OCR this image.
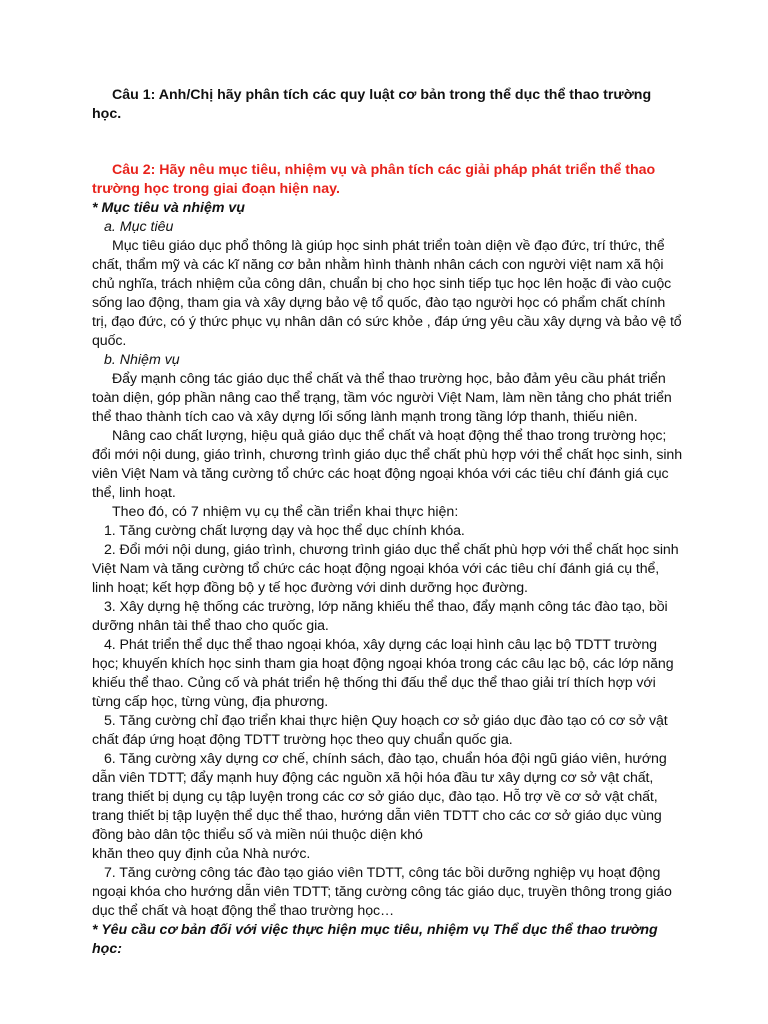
Câu 1: Anh/Chị hãy phân tích các quy luật cơ bản trong thể dục thể thao trường học.

Câu 2: Hãy nêu mục tiêu, nhiệm vụ và phân tích các giải pháp phát triển thể thao trường học trong giai đoạn hiện nay.

* Mục tiêu và nhiệm vụ

a. Mục tiêu

Mục tiêu giáo dục phổ thông là giúp học sinh phát triển toàn diện về đạo đức, trí thức, thể chất, thẩm mỹ và các kĩ năng cơ bản nhằm hình thành nhân cách con người việt nam xã hội chủ nghĩa, trách nhiệm của công dân, chuẩn bị cho học sinh tiếp tục học lên hoặc đi vào cuộc sống lao động, tham gia và xây dựng bảo vệ tổ quốc, đào tạo người học có phẩm chất chính trị, đạo đức, có ý thức phục vụ nhân dân có sức khỏe , đáp ứng yêu cầu xây dựng và bảo vệ tổ quốc.

b. Nhiệm vụ

Đẩy mạnh công tác giáo dục thể chất và thể thao trường học, bảo đảm yêu cầu phát triển toàn diện, góp phần nâng cao thể trạng, tầm vóc người Việt Nam, làm nền tảng cho phát triển thể thao thành tích cao và xây dựng lối sống lành mạnh trong tầng lớp thanh, thiếu niên.

Nâng cao chất lượng, hiệu quả giáo dục thể chất và hoạt động thể thao trong trường học; đổi mới nội dung, giáo trình, chương trình giáo dục thể chất phù hợp với thể chất học sinh, sinh viên Việt Nam và tăng cường tổ chức các hoạt động ngoại khóa với các tiêu chí đánh giá cục thể, linh hoạt.

Theo đó, có 7 nhiệm vụ cụ thể cần triển khai thực hiện:

1. Tăng cường chất lượng dạy và học thể dục chính khóa.

2. Đổi mới nội dung, giáo trình, chương trình giáo dục thể chất phù hợp với thể chất học sinh Việt Nam và tăng cường tổ chức các hoạt động ngoại khóa với các tiêu chí đánh giá cụ thể, linh hoạt; kết hợp đồng bộ y tế học đường với dinh dưỡng học đường.

3. Xây dựng hệ thống các trường, lớp năng khiếu thể thao, đẩy mạnh công tác đào tạo, bồi dưỡng nhân tài thể thao cho quốc gia.

4. Phát triển thể dục thể thao ngoại khóa, xây dựng các loại hình câu lạc bộ TDTT trường học; khuyến khích học sinh tham gia hoạt động ngoại khóa trong các câu lạc bộ, các lớp năng khiếu thể thao. Củng cố và phát triển hệ thống thi đấu thể dục thể thao giải trí thích hợp với từng cấp học, từng vùng, địa phương.

5. Tăng cường chỉ đạo triển khai thực hiện Quy hoạch cơ sở giáo dục đào tạo có cơ sở vật chất đáp ứng hoạt động TDTT trường học theo quy chuẩn quốc gia.

6. Tăng cường xây dựng cơ chế, chính sách, đào tạo, chuẩn hóa đội ngũ giáo viên, hướng dẫn viên TDTT; đẩy mạnh huy động các nguồn xã hội hóa đầu tư xây dựng cơ sở vật chất, trang thiết bị dụng cụ tập luyện trong các cơ sở giáo dục, đào tạo. Hỗ trợ về cơ sở vật chất, trang thiết bị tập luyện thể dục thể thao, hướng dẫn viên TDTT cho các cơ sở giáo dục vùng đồng bào dân tộc thiểu số và miền núi thuộc diện khó

khăn theo quy định của Nhà nước.

7. Tăng cường công tác đào tạo giáo viên TDTT, công tác bồi dưỡng nghiệp vụ hoạt động ngoại khóa cho hướng dẫn viên TDTT; tăng cường công tác giáo dục, truyền thông trong giáo dục thể chất và hoạt động thể thao trường học…

* Yêu cầu cơ bản đối với việc thực hiện mục tiêu, nhiệm vụ Thể dục thể thao trường học:
